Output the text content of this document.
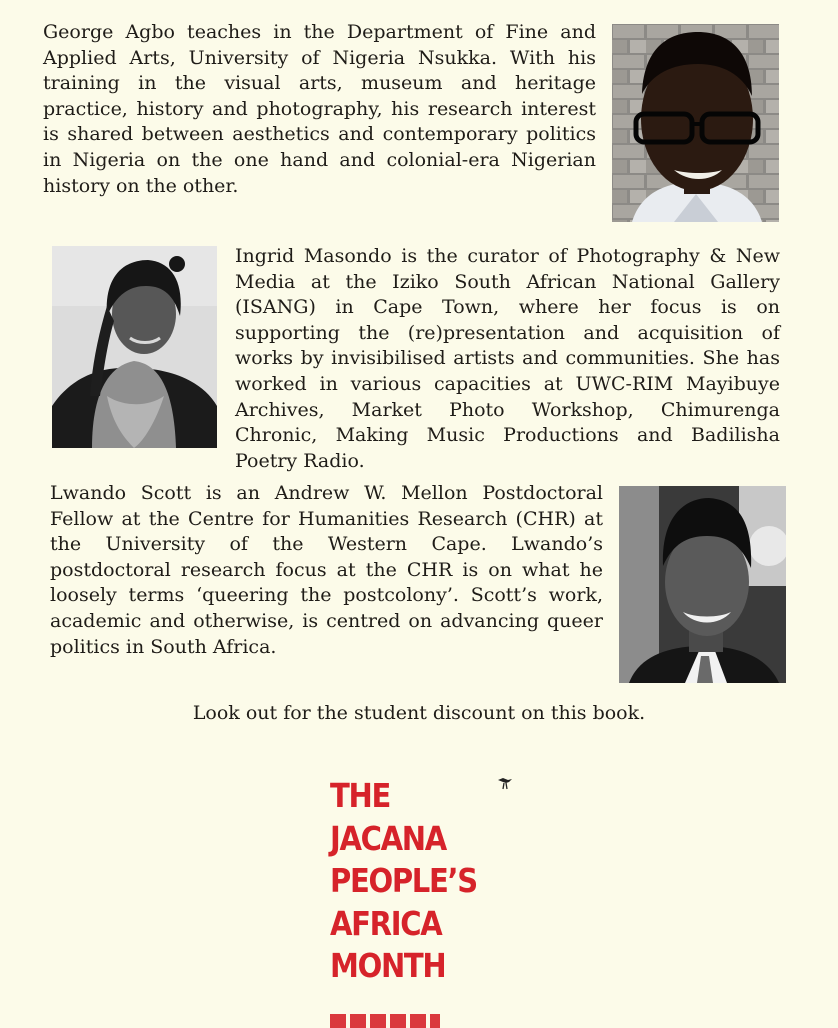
George Agbo teaches in the Department of Fine and Applied Arts, University of Nigeria Nsukka. With his training in the visual arts, museum and heritage practice, history and photography, his research interest is shared between aesthetics and contemporary politics in Nigeria on the one hand and colonial-era Nigerian history on the other.

Ingrid Masondo is the curator of Photography & New Media at the Iziko South African National Gallery (ISANG) in Cape Town, where her focus is on supporting the (re)presentation and acquisition of works by invisibilised artists and communities. She has worked in various capacities at UWC-RIM Mayibuye Archives, Market Photo Workshop, Chimurenga Chronic, Making Music Productions and Badilisha Poetry Radio.

Lwando Scott is an Andrew W. Mellon Postdoctoral Fellow at the Centre for Humanities Research (CHR) at the University of the Western Cape. Lwando’s postdoctoral research focus at the CHR is on what he loosely terms ‘queering the postcolony’. Scott’s work, academic and otherwise, is centred on advancing queer politics in South Africa.

Look out for the student discount on this book.

THE
JACANA
PEOPLE’S
AFRICA
MONTH
